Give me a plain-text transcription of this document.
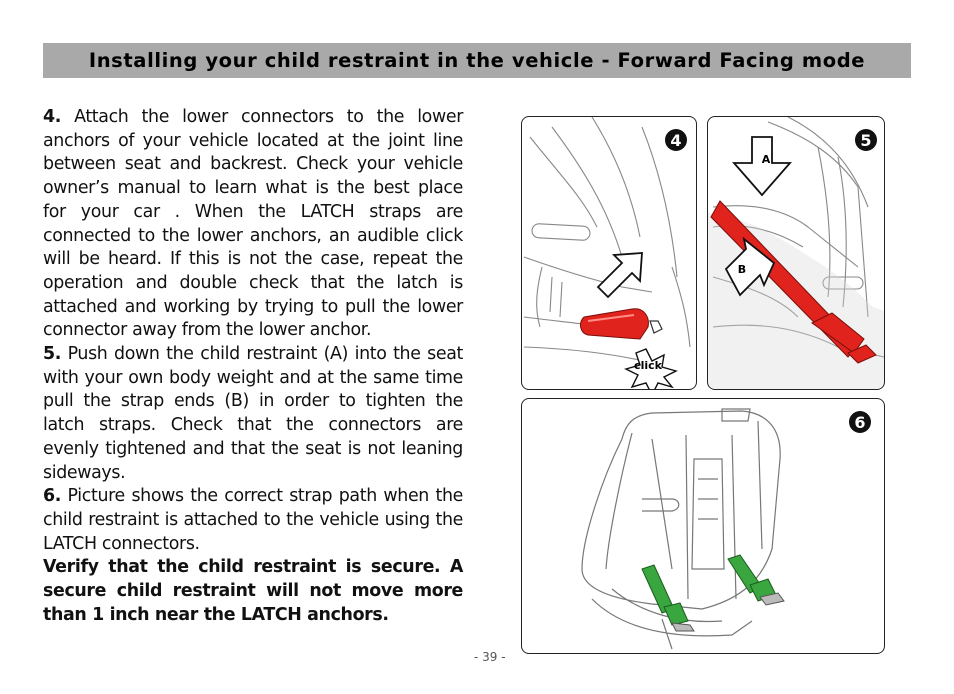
Installing your child restraint in the vehicle - Forward Facing mode

4. Attach the lower connectors to the lower anchors of your vehicle located at the joint line between seat and backrest. Check your vehicle owner’s manual to learn what is the best place for your car . When the LATCH straps are connected to the lower anchors, an audible click will be heard. If this is not the case, repeat the operation and double check that the latch is attached and working by trying to pull the lower connector away from the lower anchor.

5. Push down the child restraint (A) into the seat with your own body weight and at the same time pull the strap ends (B) in order to tighten the latch straps. Check that the connectors are evenly tightened and that the seat is not leaning sideways.

6. Picture shows the correct strap path when the child restraint is attached to the vehicle using the LATCH connectors.

Verify that the child restraint is secure. A secure child restraint will not move more than 1 inch near the LATCH anchors.

- 39 -
click
4
A
B
5
6
